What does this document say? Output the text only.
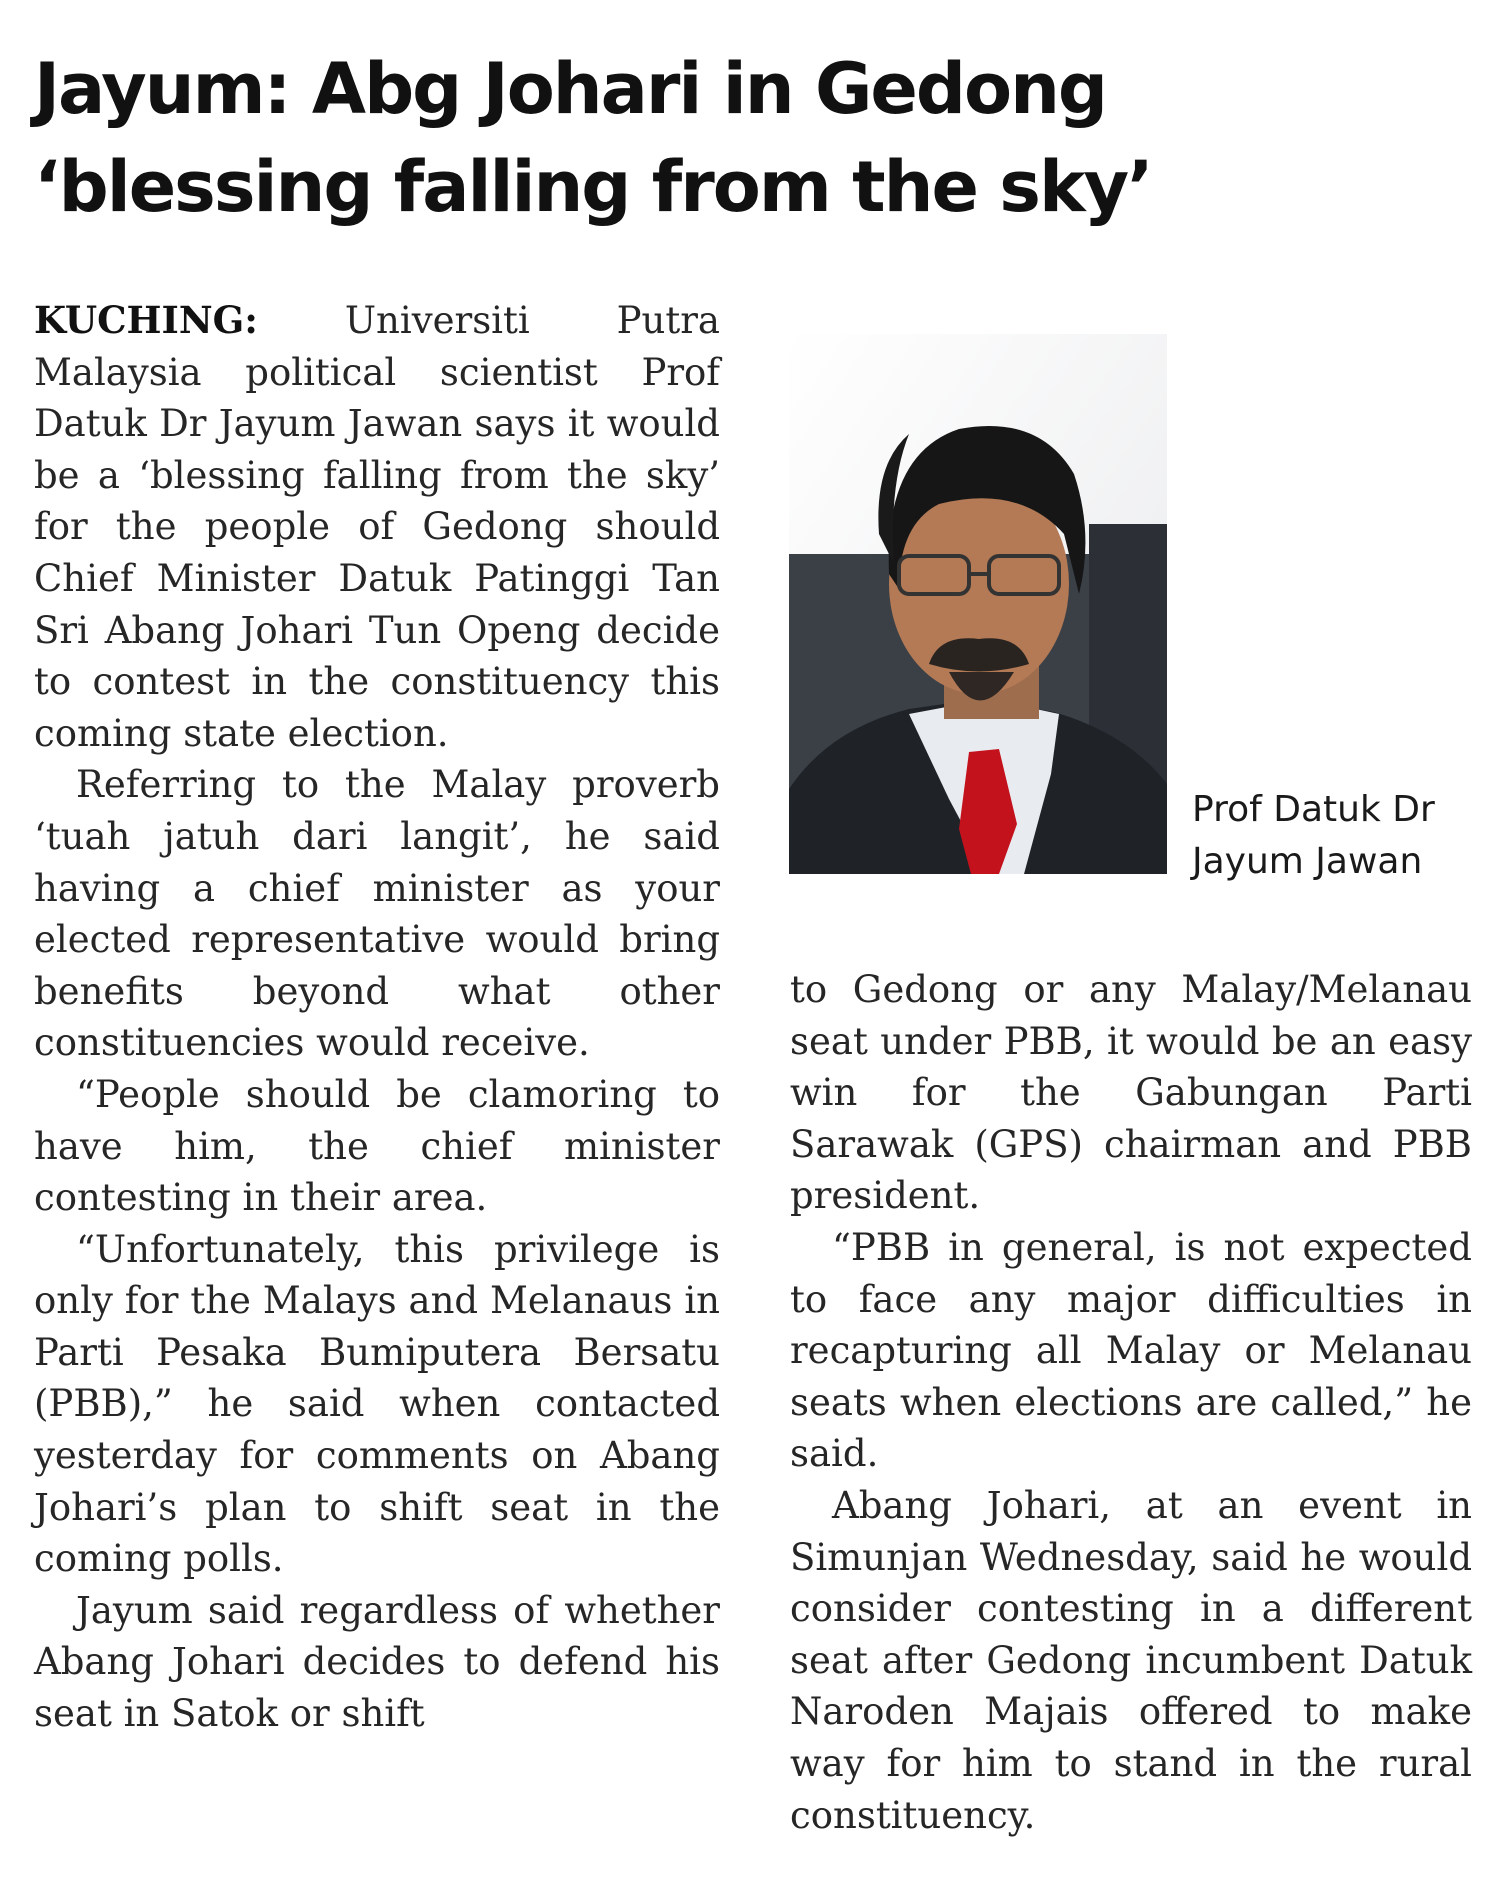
Jayum: Abg Johari in Gedong
‘blessing falling from the sky’

KUCHING: Universiti Putra Malaysia political scientist Prof Datuk Dr Jayum Jawan says it would be a ‘blessing falling from the sky’ for the people of Gedong should Chief Minister Datuk Patinggi Tan Sri Abang Johari Tun Openg decide to contest in the constituency this coming state election.

Referring to the Malay proverb ‘tuah jatuh dari langit’, he said having a chief minister as your elected representative would bring benefits beyond what other constituencies would receive.

“People should be clamoring to have him, the chief minister contesting in their area.

“Unfortunately, this privilege is only for the Malays and Melanaus in Parti Pesaka Bumiputera Bersatu (PBB),” he said when contacted yesterday for comments on Abang Johari’s plan to shift seat in the coming polls.

Jayum said regardless of whether Abang Johari decides to defend his seat in Satok or shift

Prof Datuk Dr
Jayum Jawan

to Gedong or any Malay/Melanau seat under PBB, it would be an easy win for the Gabungan Parti Sarawak (GPS) chairman and PBB president.

“PBB in general, is not expected to face any major difficulties in recapturing all Malay or Melanau seats when elections are called,” he said.

Abang Johari, at an event in Simunjan Wednesday, said he would consider contesting in a different seat after Gedong incumbent Datuk Naroden Majais offered to make way for him to stand in the rural constituency.
